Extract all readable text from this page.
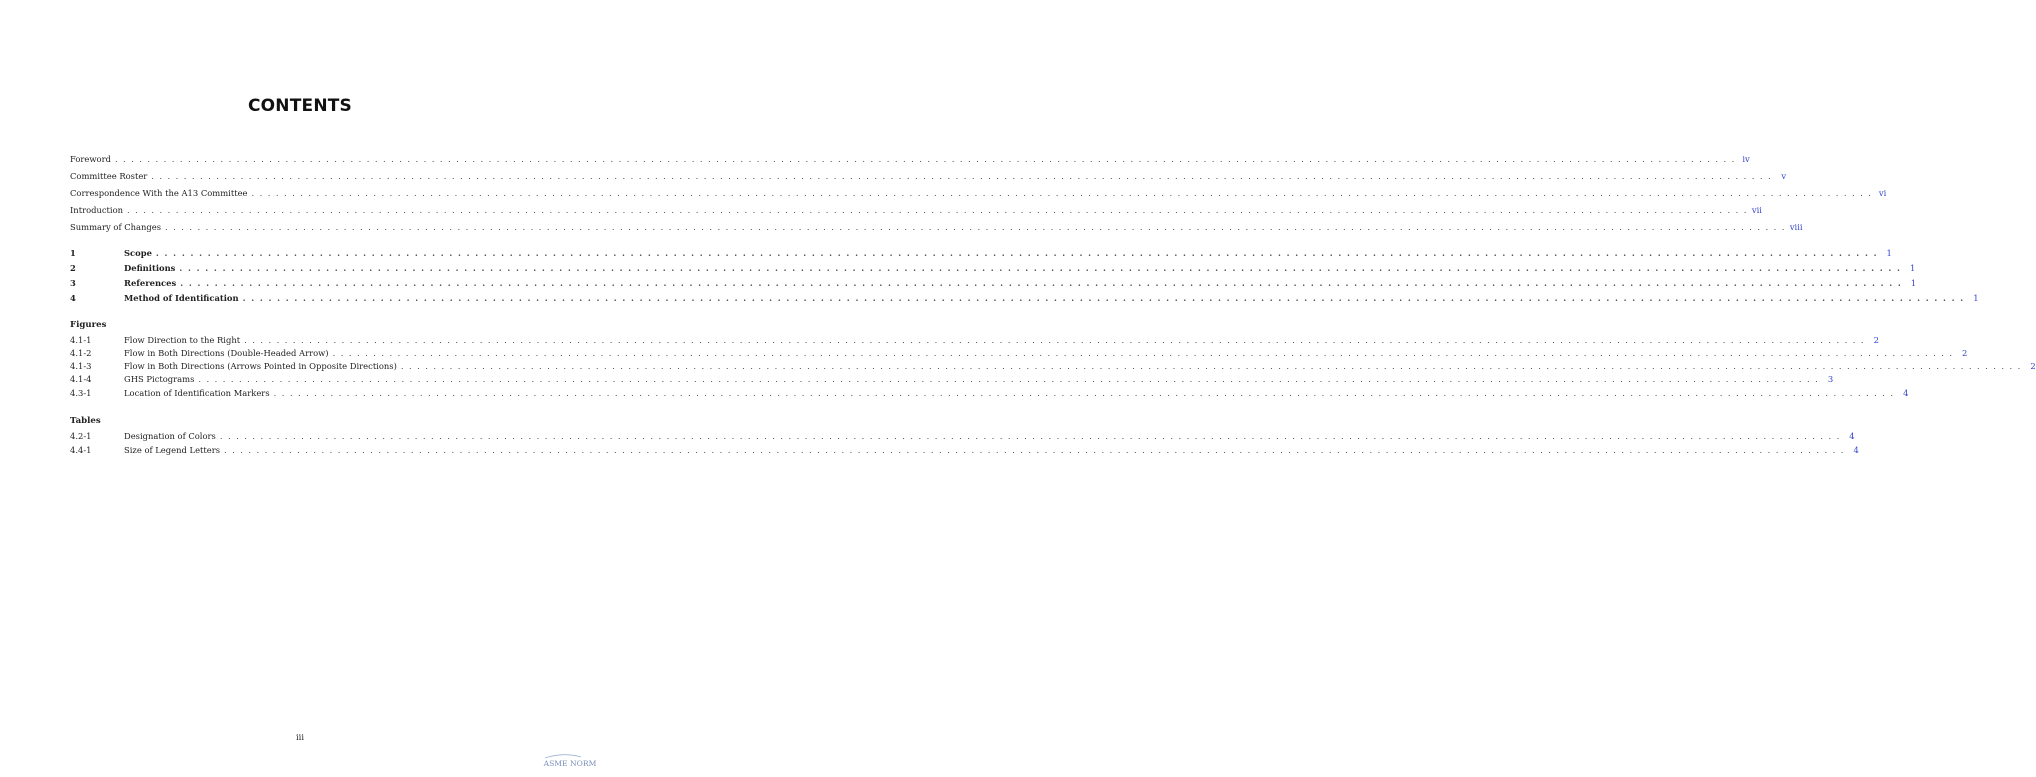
CONTENTS
Foreword . . . . . . . . . . . . . . . . . . . . . . . . . . . . . . . . . . . . . . . . . . . . . . . . . . . . . . . . . . . . . . . . . . . . . . . . . . . . . . . . . . . . . . . . . . . . . . . . . . . . . . . . . . . . . . . . . . . . . . . . . . . . . . . . . . . . . . . . . . . . . . . . . . . . . . . . . . . . . . . . . . . . . . . . . . . . . . . . . . . . . . . . . . . . . . . . . . . . . . . . iv
Committee Roster . . . . . . . . . . . . . . . . . . . . . . . . . . . . . . . . . . . . . . . . . . . . . . . . . . . . . . . . . . . . . . . . . . . . . . . . . . . . . . . . . . . . . . . . . . . . . . . . . . . . . . . . . . . . . . . . . . . . . . . . . . . . . . . . . . . . . . . . . . . . . . . . . . . . . . . . . . . . . . . . . . . . . . . . . . . . . . . . . . . . . . . . . . . . . . . . . . . . . . . .	v
Correspondence With the A13 Committee . . . . . . . . . . . . . . . . . . . . . . . . . . . . . . . . . . . . . . . . . . . . . . . . . . . . . . . . . . . . . . . . . . . . . . . . . . . . . . . . . . . . . . . . . . . . . . . . . . . . . . . . . . . . . . . . . . . . . . . . . . . . . . . . . . . . . . . . . . . . . . . . . . . . . . . . . . . . . . . . . . . . . . . . . . . . . . . . . . . . . . . . . . . . . . . . . . . . . . . . vi
Introduction . . . . . . . . . . . . . . . . . . . . . . . . . . . . . . . . . . . . . . . . . . . . . . . . . . . . . . . . . . . . . . . . . . . . . . . . . . . . . . . . . . . . . . . . . . . . . . . . . . . . . . . . . . . . . . . . . . . . . . . . . . . . . . . . . . . . . . . . . . . . . . . . . . . . . . . . . . . . . . . . . . . . . . . . . . . . . . . . . . . . . . . . . . . . . . . . . . . . . . . . vii
Summary of Changes . . . . . . . . . . . . . . . . . . . . . . . . . . . . . . . . . . . . . . . . . . . . . . . . . . . . . . . . . . . . . . . . . . . . . . . . . . . . . . . . . . . . . . . . . . . . . . . . . . . . . . . . . . . . . . . . . . . . . . . . . . . . . . . . . . . . . . . . . . . . . . . . . . . . . . . . . . . . . . . . . . . . . . . . . . . . . . . . . . . . . . . . . . . . . . . . . . . . . . . . viii
1	Scope . . . . . . . . . . . . . . . . . . . . . . . . . . . . . . . . . . . . . . . . . . . . . . . . . . . . . . . . . . . . . . . . . . . . . . . . . . . . . . . . . . . . . . . . . . . . . . . . . . . . . . . . . . . . . . . . . . . . . . . . . . . . . . . . . . . . . . . . . . . . . . . . . . . . . . . . . . . . . . . . . . . . . . . . . . . . . . . . . . . . . . . . . . . . . . . . . . . . . . . .	1
2	Definitions . . . . . . . . . . . . . . . . . . . . . . . . . . . . . . . . . . . . . . . . . . . . . . . . . . . . . . . . . . . . . . . . . . . . . . . . . . . . . . . . . . . . . . . . . . . . . . . . . . . . . . . . . . . . . . . . . . . . . . . . . . . . . . . . . . . . . . . . . . . . . . . . . . . . . . . . . . . . . . . . . . . . . . . . . . . . . . . . . . . . . . . . . . . . . . . . . . . . . . . .	1
3	References . . . . . . . . . . . . . . . . . . . . . . . . . . . . . . . . . . . . . . . . . . . . . . . . . . . . . . . . . . . . . . . . . . . . . . . . . . . . . . . . . . . . . . . . . . . . . . . . . . . . . . . . . . . . . . . . . . . . . . . . . . . . . . . . . . . . . . . . . . . . . . . . . . . . . . . . . . . . . . . . . . . . . . . . . . . . . . . . . . . . . . . . . . . . . . . . . . . . . . . .	1
4	Method of Identification . . . . . . . . . . . . . . . . . . . . . . . . . . . . . . . . . . . . . . . . . . . . . . . . . . . . . . . . . . . . . . . . . . . . . . . . . . . . . . . . . . . . . . . . . . . . . . . . . . . . . . . . . . . . . . . . . . . . . . . . . . . . . . . . . . . . . . . . . . . . . . . . . . . . . . . . . . . . . . . . . . . . . . . . . . . . . . . . . . . . . . . . . . . . . . . . . . . . . . . .	1
Figures
4.1-1	Flow Direction to the Right . . . . . . . . . . . . . . . . . . . . . . . . . . . . . . . . . . . . . . . . . . . . . . . . . . . . . . . . . . . . . . . . . . . . . . . . . . . . . . . . . . . . . . . . . . . . . . . . . . . . . . . . . . . . . . . . . . . . . . . . . . . . . . . . . . . . . . . . . . . . . . . . . . . . . . . . . . . . . . . . . . . . . . . . . . . . . . . . . . . . . . . . . . . . . . . . . . . . . . . .	2
4.1-2	Flow in Both Directions (Double-Headed Arrow) . . . . . . . . . . . . . . . . . . . . . . . . . . . . . . . . . . . . . . . . . . . . . . . . . . . . . . . . . . . . . . . . . . . . . . . . . . . . . . . . . . . . . . . . . . . . . . . . . . . . . . . . . . . . . . . . . . . . . . . . . . . . . . . . . . . . . . . . . . . . . . . . . . . . . . . . . . . . . . . . . . . . . . . . . . . . . . . . . . . . . . . . . . . . . . . . . . . . . . . .	2
4.1-3	Flow in Both Directions (Arrows Pointed in Opposite Directions) . . . . . . . . . . . . . . . . . . . . . . . . . . . . . . . . . . . . . . . . . . . . . . . . . . . . . . . . . . . . . . . . . . . . . . . . . . . . . . . . . . . . . . . . . . . . . . . . . . . . . . . . . . . . . . . . . . . . . . . . . . . . . . . . . . . . . . . . . . . . . . . . . . . . . . . . . . . . . . . . . . . . . . . . . . . . . . . . . . . . . . . . . . . . . . . . . . . . . . . .	2
4.1-4	GHS Pictograms . . . . . . . . . . . . . . . . . . . . . . . . . . . . . . . . . . . . . . . . . . . . . . . . . . . . . . . . . . . . . . . . . . . . . . . . . . . . . . . . . . . . . . . . . . . . . . . . . . . . . . . . . . . . . . . . . . . . . . . . . . . . . . . . . . . . . . . . . . . . . . . . . . . . . . . . . . . . . . . . . . . . . . . . . . . . . . . . . . . . . . . . . . . . . . . . . . . . . . . .	3
4.3-1	Location of Identification Markers . . . . . . . . . . . . . . . . . . . . . . . . . . . . . . . . . . . . . . . . . . . . . . . . . . . . . . . . . . . . . . . . . . . . . . . . . . . . . . . . . . . . . . . . . . . . . . . . . . . . . . . . . . . . . . . . . . . . . . . . . . . . . . . . . . . . . . . . . . . . . . . . . . . . . . . . . . . . . . . . . . . . . . . . . . . . . . . . . . . . . . . . . . . . . . . . . . . . . . . .	4
Tables
4.2-1	Designation of Colors . . . . . . . . . . . . . . . . . . . . . . . . . . . . . . . . . . . . . . . . . . . . . . . . . . . . . . . . . . . . . . . . . . . . . . . . . . . . . . . . . . . . . . . . . . . . . . . . . . . . . . . . . . . . . . . . . . . . . . . . . . . . . . . . . . . . . . . . . . . . . . . . . . . . . . . . . . . . . . . . . . . . . . . . . . . . . . . . . . . . . . . . . . . . . . . . . . . . . . . .	4
4.4-1	Size of Legend Letters . . . . . . . . . . . . . . . . . . . . . . . . . . . . . . . . . . . . . . . . . . . . . . . . . . . . . . . . . . . . . . . . . . . . . . . . . . . . . . . . . . . . . . . . . . . . . . . . . . . . . . . . . . . . . . . . . . . . . . . . . . . . . . . . . . . . . . . . . . . . . . . . . . . . . . . . . . . . . . . . . . . . . . . . . . . . . . . . . . . . . . . . . . . . . . . . . . . . . . . .	4
iii
ASME NORM
